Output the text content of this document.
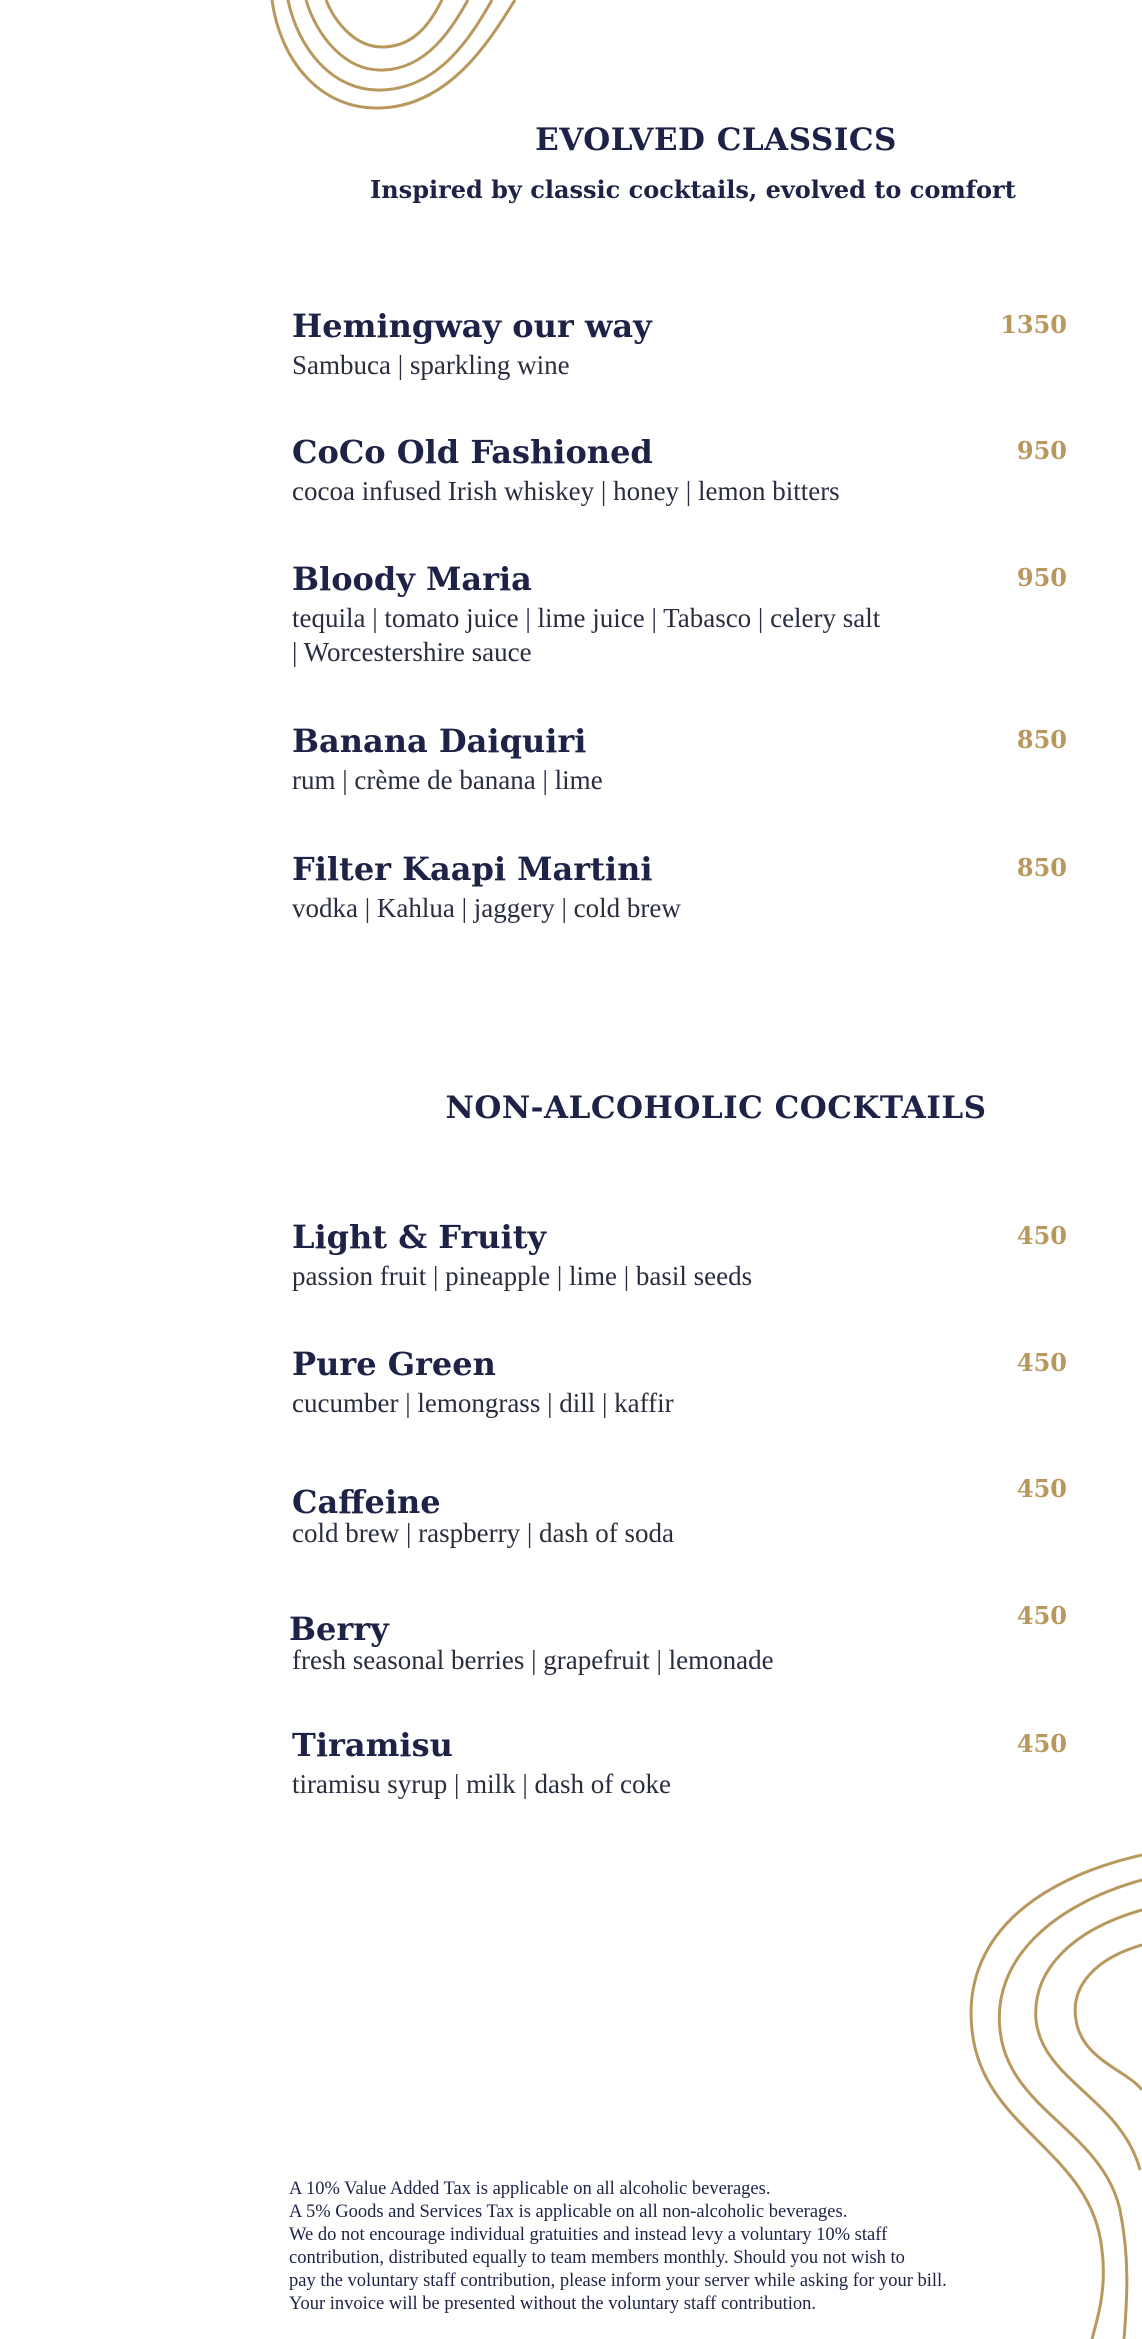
EVOLVED CLASSICS
Inspired by classic cocktails, evolved to comfort
Hemingway our way	1350
Sambuca | sparkling wine
CoCo Old Fashioned	950
cocoa infused Irish whiskey | honey | lemon bitters
Bloody Maria	950
tequila | tomato juice | lime juice | Tabasco | celery salt | Worcestershire sauce
Banana Daiquiri	850
rum | crème de banana | lime
Filter Kaapi Martini	850
vodka | Kahlua | jaggery | cold brew
NON-ALCOHOLIC COCKTAILS
Light & Fruity	450
passion fruit | pineapple | lime | basil seeds
Pure Green	450
cucumber | lemongrass | dill | kaffir
Caffeine	450
cold brew | raspberry | dash of soda
Berry	450
fresh seasonal berries | grapefruit | lemonade
Tiramisu	450
tiramisu syrup | milk | dash of coke
A 10% Value Added Tax is applicable on all alcoholic beverages.
A 5% Goods and Services Tax is applicable on all non-alcoholic beverages.
We do not encourage individual gratuities and instead levy a voluntary 10% staff
contribution, distributed equally to team members monthly. Should you not wish to
pay the voluntary staff contribution, please inform your server while asking for your bill.
Your invoice will be presented without the voluntary staff contribution.
